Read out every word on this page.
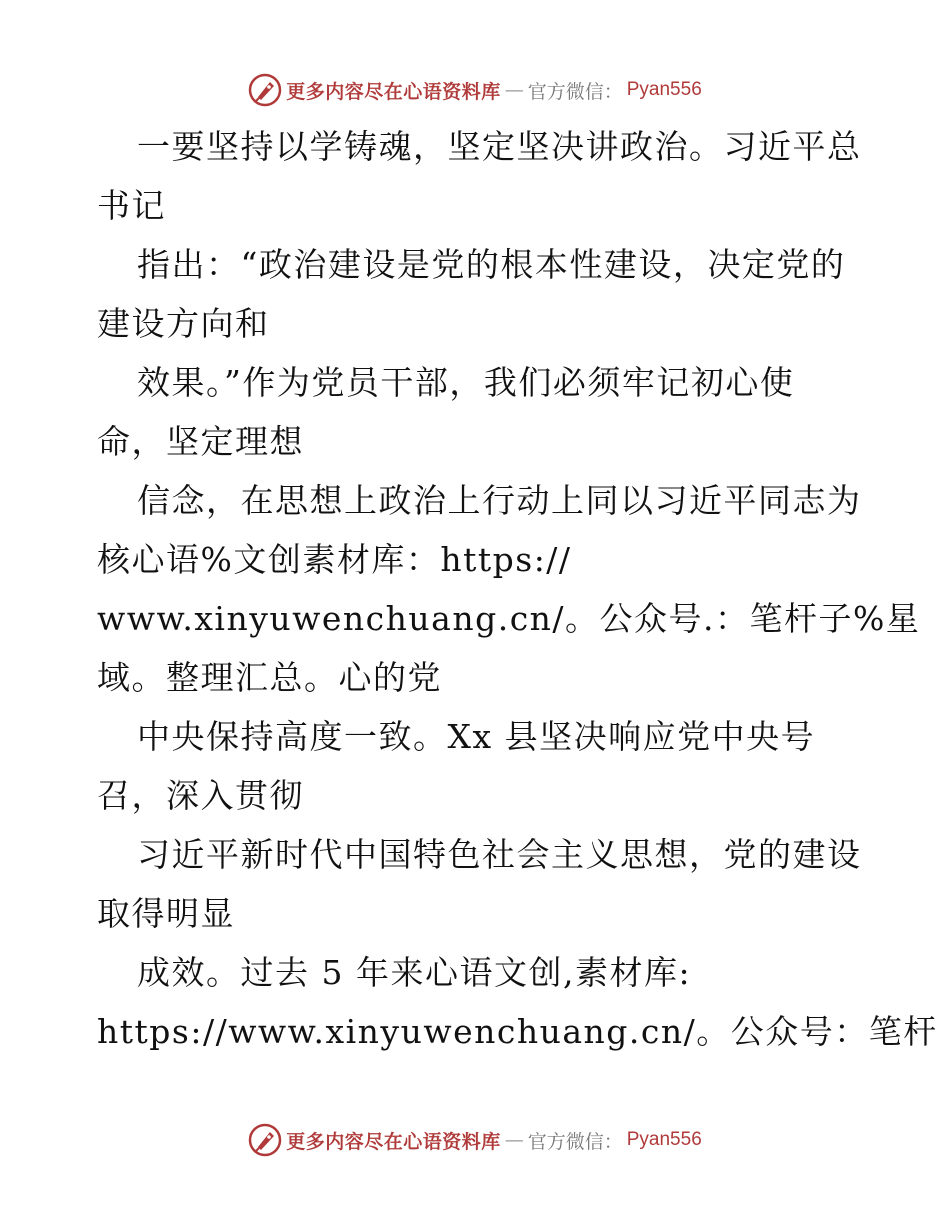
更多内容尽在心语资料库 — 官方微信： Pyan556
一要坚持以学铸魂，坚定坚决讲政治。习近平总
书记
指出：“政治建设是党的根本性建设，决定党的
建设方向和
效果。”作为党员干部，我们必须牢记初心使
命，坚定理想
信念，在思想上政治上行动上同以习近平同志为
核心语%文创素材库：https://
www.xinyuwenchuang.cn/。公众号.：笔杆子%星
域。整理汇总。心的党
中央保持高度一致。Xx 县坚决响应党中央号
召，深入贯彻
习近平新时代中国特色社会主义思想，党的建设
取得明显
成效。过去 5 年来心语文创,素材库:
https://www.xinyuwenchuang.cn/。公众号：笔杆
更多内容尽在心语资料库 — 官方微信： Pyan556
